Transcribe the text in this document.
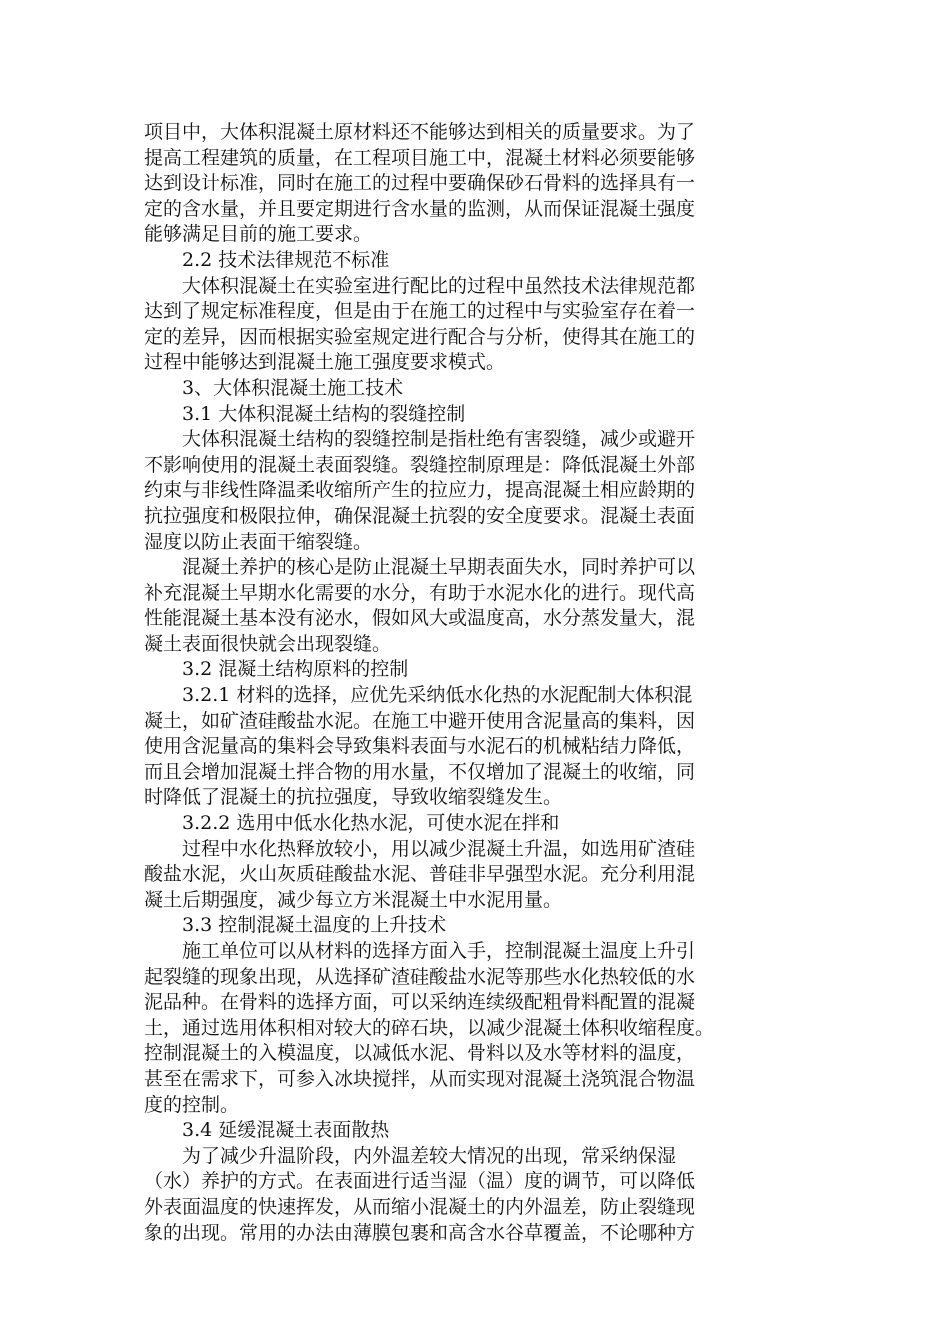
项目中，大体积混凝土原材料还不能够达到相关的质量要求。为了
提高工程建筑的质量，在工程项目施工中，混凝土材料必须要能够
达到设计标准，同时在施工的过程中要确保砂石骨料的选择具有一
定的含水量，并且要定期进行含水量的监测，从而保证混凝土强度
能够满足目前的施工要求。
　　2.2 技术法律规范不标准
　　大体积混凝土在实验室进行配比的过程中虽然技术法律规范都
达到了规定标准程度，但是由于在施工的过程中与实验室存在着一
定的差异，因而根据实验室规定进行配合与分析，使得其在施工的
过程中能够达到混凝土施工强度要求模式。
　　3、大体积混凝土施工技术
　　3.1 大体积混凝土结构的裂缝控制
　　大体积混凝土结构的裂缝控制是指杜绝有害裂缝，减少或避开
不影响使用的混凝土表面裂缝。裂缝控制原理是：降低混凝土外部
约束与非线性降温柔收缩所产生的拉应力，提高混凝土相应龄期的
抗拉强度和极限拉伸，确保混凝土抗裂的安全度要求。混凝土表面
湿度以防止表面干缩裂缝。
　　混凝土养护的核心是防止混凝土早期表面失水，同时养护可以
补充混凝土早期水化需要的水分，有助于水泥水化的进行。现代高
性能混凝土基本没有泌水，假如风大或温度高，水分蒸发量大，混
凝土表面很快就会出现裂缝。
　　3.2 混凝土结构原料的控制
　　3.2.1 材料的选择，应优先采纳低水化热的水泥配制大体积混
凝土，如矿渣硅酸盐水泥。在施工中避开使用含泥量高的集料，因
使用含泥量高的集料会导致集料表面与水泥石的机械粘结力降低，
而且会增加混凝土拌合物的用水量，不仅增加了混凝土的收缩，同
时降低了混凝土的抗拉强度，导致收缩裂缝发生。
　　3.2.2 选用中低水化热水泥，可使水泥在拌和
　　过程中水化热释放较小，用以减少混凝土升温，如选用矿渣硅
酸盐水泥，火山灰质硅酸盐水泥、普硅非早强型水泥。充分利用混
凝土后期强度，减少每立方米混凝土中水泥用量。
　　3.3 控制混凝土温度的上升技术
　　施工单位可以从材料的选择方面入手，控制混凝土温度上升引
起裂缝的现象出现，从选择矿渣硅酸盐水泥等那些水化热较低的水
泥品种。在骨料的选择方面，可以采纳连续级配粗骨料配置的混凝
土，通过选用体积相对较大的碎石块，以减少混凝土体积收缩程度。
控制混凝土的入模温度，以减低水泥、骨料以及水等材料的温度，
甚至在需求下，可参入冰块搅拌，从而实现对混凝土浇筑混合物温
度的控制。
　　3.4 延缓混凝土表面散热
　　为了减少升温阶段，内外温差较大情况的出现，常采纳保湿
（水）养护的方式。在表面进行适当湿（温）度的调节，可以降低
外表面温度的快速挥发，从而缩小混凝土的内外温差，防止裂缝现
象的出现。常用的办法由薄膜包裹和高含水谷草覆盖，不论哪种方
